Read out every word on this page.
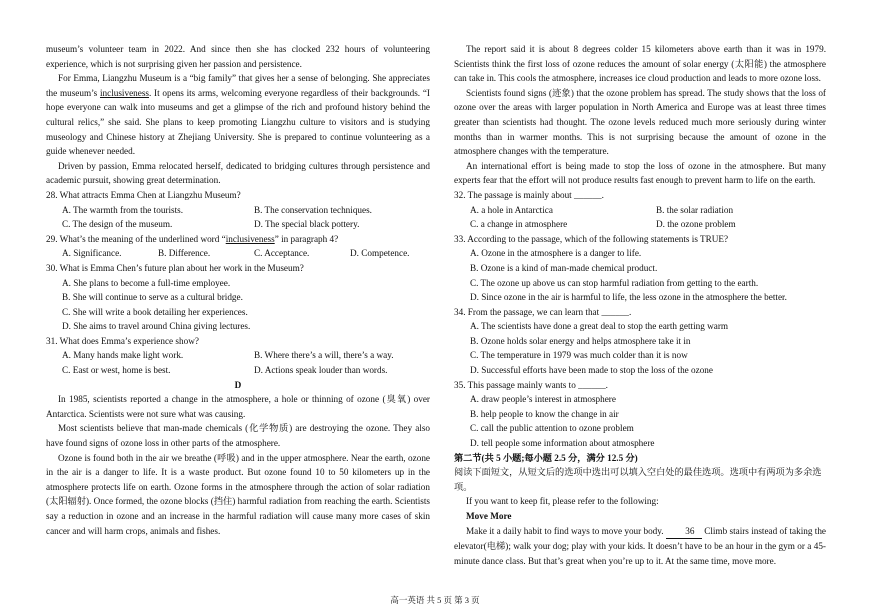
museum’s volunteer team in 2022. And since then she has clocked 232 hours of volunteering experience, which is not surprising given her passion and persistence.

For Emma, Liangzhu Museum is a “big family” that gives her a sense of belonging. She appreciates the museum’s inclusiveness. It opens its arms, welcoming everyone regardless of their backgrounds. “I hope everyone can walk into museums and get a glimpse of the rich and profound history behind the cultural relics,” she said. She plans to keep promoting Liangzhu culture to visitors and is studying museology and Chinese history at Zhejiang University. She is prepared to continue volunteering as a guide whenever needed.

Driven by passion, Emma relocated herself, dedicated to bridging cultures through persistence and academic pursuit, showing great determination.

28. What attracts Emma Chen at Liangzhu Museum?

A. The warmth from the tourists.	B. The conservation techniques.
C. The design of the museum.	D. The special black pottery.

29. What’s the meaning of the underlined word “inclusiveness” in paragraph 4?

A. Significance.	B. Difference.	C. Acceptance.	D. Competence.

30. What is Emma Chen’s future plan about her work in the Museum?

A. She plans to become a full-time employee.
B. She will continue to serve as a cultural bridge.
C. She will write a book detailing her experiences.
D. She aims to travel around China giving lectures.

31. What does Emma’s experience show?

A. Many hands make light work.	B. Where there’s a will, there’s a way.
C. East or west, home is best.	D. Actions speak louder than words.

D

In 1985, scientists reported a change in the atmosphere, a hole or thinning of ozone (臭氧) over Antarctica. Scientists were not sure what was causing.

Most scientists believe that man-made chemicals (化学物质) are destroying the ozone. They also have found signs of ozone loss in other parts of the atmosphere.

Ozone is found both in the air we breathe (呼吸) and in the upper atmosphere. Near the earth, ozone in the air is a danger to life. It is a waste product. But ozone found 10 to 50 kilometers up in the atmosphere protects life on earth. Ozone forms in the atmosphere through the action of solar radiation (太阳辐射). Once formed, the ozone blocks (挡住) harmful radiation from reaching the earth. Scientists say a reduction in ozone and an increase in the harmful radiation will cause many more cases of skin cancer and will harm crops, animals and fishes.

The report said it is about 8 degrees colder 15 kilometers above earth than it was in 1979. Scientists think the first loss of ozone reduces the amount of solar energy (太阳能) the atmosphere can take in. This cools the atmosphere, increases ice cloud production and leads to more ozone loss.

Scientists found signs (迹象) that the ozone problem has spread. The study shows that the loss of ozone over the areas with larger population in North America and Europe was at least three times greater than scientists had thought. The ozone levels reduced much more seriously during winter months than in warmer months. This is not surprising because the amount of ozone in the atmosphere changes with the temperature.

An international effort is being made to stop the loss of ozone in the atmosphere. But many experts fear that the effort will not produce results fast enough to prevent harm to life on the earth.

32. The passage is mainly about ______.

A. a hole in Antarctica	B. the solar radiation
C. a change in atmosphere	D. the ozone problem

33. According to the passage, which of the following statements is TRUE?

A. Ozone in the atmosphere is a danger to life.
B. Ozone is a kind of man-made chemical product.
C. The ozone up above us can stop harmful radiation from getting to the earth.
D. Since ozone in the air is harmful to life, the less ozone in the atmosphere the better.

34. From the passage, we can learn that ______.

A. The scientists have done a great deal to stop the earth getting warm
B. Ozone holds solar energy and helps atmosphere take it in
C. The temperature in 1979 was much colder than it is now
D. Successful efforts have been made to stop the loss of the ozone

35. This passage mainly wants to ______.

A. draw people’s interest in atmosphere
B. help people to know the change in air
C. call the public attention to ozone problem
D. tell people some information about atmosphere

第二节(共 5 小题;每小题 2.5 分，满分 12.5 分)

阅读下面短文，从短文后的选项中选出可以填入空白处的最佳选项。选项中有两项为多余选项。

If you want to keep fit, please refer to the following:

Move More

Make it a daily habit to find ways to move your body. 36 Climb stairs instead of taking the elevator(电梯); walk your dog; play with your kids. It doesn’t have to be an hour in the gym or a 45-minute dance class. But that’s great when you’re up to it. At the same time, move more.

高一英语 共 5 页 第 3 页
